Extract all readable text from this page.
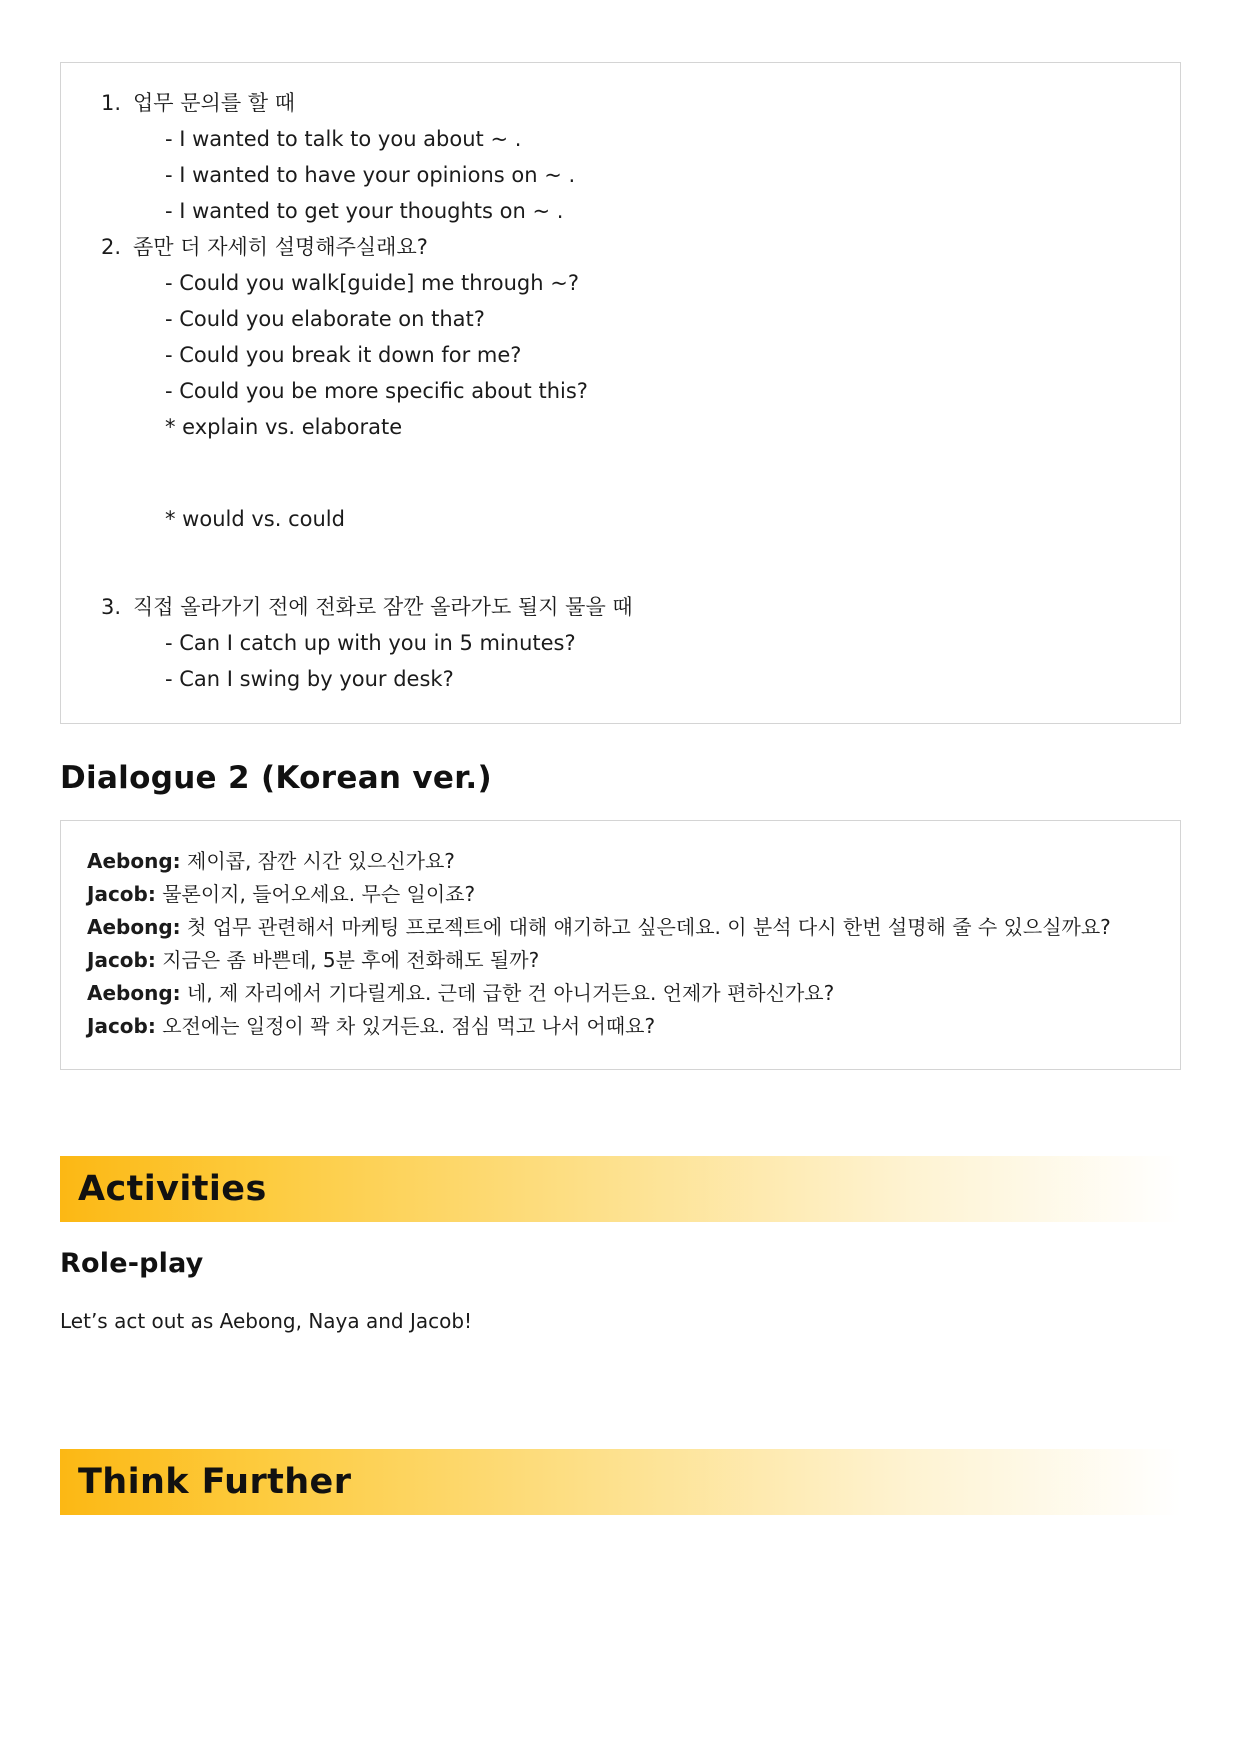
1. 업무 문의를 할 때
- I wanted to talk to you about ~ .
- I wanted to have your opinions on ~ .
- I wanted to get your thoughts on ~ .
2. 좀만 더 자세히 설명해주실래요?
- Could you walk[guide] me through ~?
- Could you elaborate on that?
- Could you break it down for me?
- Could you be more specific about this?
* explain vs. elaborate
* would vs. could
3. 직접 올라가기 전에 전화로 잠깐 올라가도 될지 물을 때
- Can I catch up with you in 5 minutes?
- Can I swing by your desk?
Dialogue 2 (Korean ver.)
Aebong: 제이콥, 잠깐 시간 있으신가요?
Jacob: 물론이지, 들어오세요. 무슨 일이죠?
Aebong: 첫 업무 관련해서 마케팅 프로젝트에 대해 얘기하고 싶은데요. 이 분석 다시 한번 설명해 줄 수 있으실까요?
Jacob: 지금은 좀 바쁜데, 5분 후에 전화해도 될까?
Aebong: 네, 제 자리에서 기다릴게요. 근데 급한 건 아니거든요. 언제가 편하신가요?
Jacob: 오전에는 일정이 꽉 차 있거든요. 점심 먹고 나서 어때요?
Activities
Role-play

Let’s act out as Aebong, Naya and Jacob!

Think Further
